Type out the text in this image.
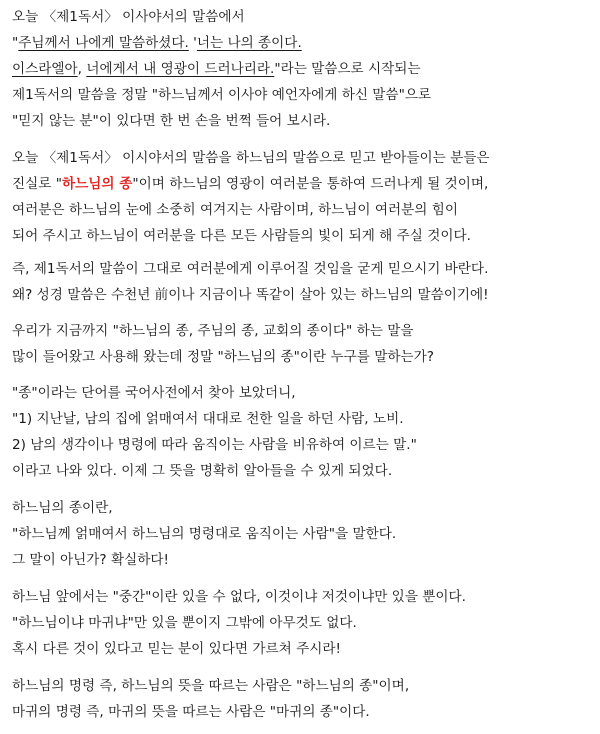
오늘 〈제1독서〉 이사야서의 말씀에서
"주님께서 나에게 말씀하셨다. '너는 나의 종이다.
이스라엘아, 너에게서 내 영광이 드러나리라."라는 말씀으로 시작되는
제1독서의 말씀을 정말 "하느님께서 이사야 예언자에게 하신 말씀"으로
"믿지 않는 분"이 있다면 한 번 손을 번쩍 들어 보시라.
오늘 〈제1독서〉 이시야서의 말씀을 하느님의 말씀으로 믿고 받아들이는 분들은
진실로 "하느님의 종"이며 하느님의 영광이 여러분을 통하여 드러나게 될 것이며,
여러분은 하느님의 눈에 소중히 여겨지는 사람이며, 하느님이 여러분의 힘이
되어 주시고 하느님이 여러분을 다른 모든 사람들의 빛이 되게 해 주실 것이다.
즉, 제1독서의 말씀이 그대로 여러분에게 이루어질 것임을 굳게 믿으시기 바란다.
왜? 성경 말씀은 수천년 前이나 지금이나 똑같이 살아 있는 하느님의 말씀이기에!
우리가 지금까지 "하느님의 종, 주님의 종, 교회의 종이다" 하는 말을
많이 들어왔고 사용해 왔는데 정말 "하느님의 종"이란 누구를 말하는가?
"종"이라는 단어를 국어사전에서 찾아 보았더니,
"1) 지난날, 남의 집에 얽매여서 대대로 천한 일을 하던 사람, 노비.
2) 남의 생각이나 명령에 따라 움직이는 사람을 비유하여 이르는 말."
이라고 나와 있다. 이제 그 뜻을 명확히 알아들을 수 있게 되었다.
하느님의 종이란,
"하느님께 얽매여서 하느님의 명령대로 움직이는 사람"을 말한다.
그 말이 아닌가? 확실하다!
하느님 앞에서는 "중간"이란 있을 수 없다, 이것이냐 저것이냐만 있을 뿐이다.
"하느님이냐 마귀냐"만 있을 뿐이지 그밖에 아무것도 없다.
혹시 다른 것이 있다고 믿는 분이 있다면 가르쳐 주시라!
하느님의 명령 즉, 하느님의 뜻을 따르는 사람은 "하느님의 종"이며,
마귀의 명령 즉, 마귀의 뜻을 따르는 사람은 "마귀의 종"이다.
